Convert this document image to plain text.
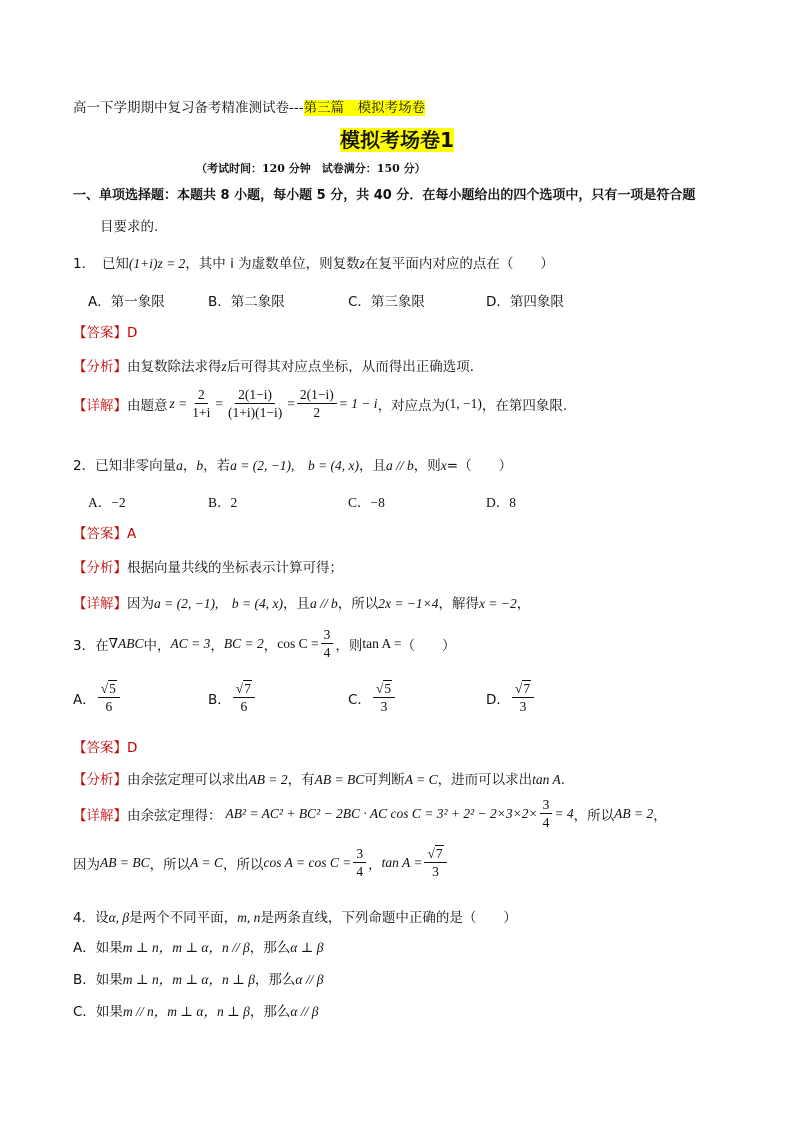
高一下学期期中复习备考精准测试卷---第三篇　模拟考场卷
模拟考场卷1
（考试时间：120 分钟　试卷满分：150 分）
一、单项选择题：本题共 8 小题，每小题 5 分，共 40 分．在每小题给出的四个选项中，只有一项是符合题
目要求的.
1．　已知(1+i)z = 2，其中 i 为虚数单位，则复数z在复平面内对应的点在（　　）
A．第一象限	B．第二象限	C．第三象限	D．第四象限
【答案】D
【分析】由复数除法求得z后可得其对应点坐标，从而得出正确选项．
【详解】 由题意 $z = \frac{2}{1+i} = \frac{2(1-i)}{(1+i)(1-i)} = \frac{2(1-i)}{2} = 1 - i$ ，对应点为 (1, −1) ，在第四象限.
2．已知非零向量a，b，若a = (2, −1),　 b = (4, x)，且a // b，则x=（　　）
A．−2	B．2	C．−8	D．8
【答案】A
【分析】根据向量共线的坐标表示计算可得；
【详解】因为a = (2, −1),　 b = (4, x)，且a // b，所以2x = −1×4，解得x = −2，
3．在 ∇ABC 中， AC = 3 ， BC = 2 ， $\cos C = \frac{3}{4}$ ，则 tan A = （　　）
A． $\frac{√5}{6}$	B． $\frac{√7}{6}$	C． $\frac{√5}{3}$	D． $\frac{√7}{3}$
【答案】D
【分析】由余弦定理可以求出AB = 2，有AB = BC可判断A = C，进而可以求出tan A.
【详解】 由余弦定理得： AB² = AC² + BC² − 2BC · AC $\cos C = 3^2 + 2^2 - 2\times 3\times 2\times \frac{3}{4} = 4$ ，所以 AB = 2 ，
因为 AB = BC ，所以 A = C ，所以 $\cos A = \cos C = \frac{3}{4}$ ， $\tan A = \frac{√7}{3}$
4．设α, β是两个不同平面，m, n是两条直线，下列命题中正确的是（　　）
A．如果m ⊥ n，m ⊥ α，n // β，那么α ⊥ β
B．如果m ⊥ n，m ⊥ α，n ⊥ β，那么α // β
C．如果m // n，m ⊥ α，n ⊥ β，那么α // β
